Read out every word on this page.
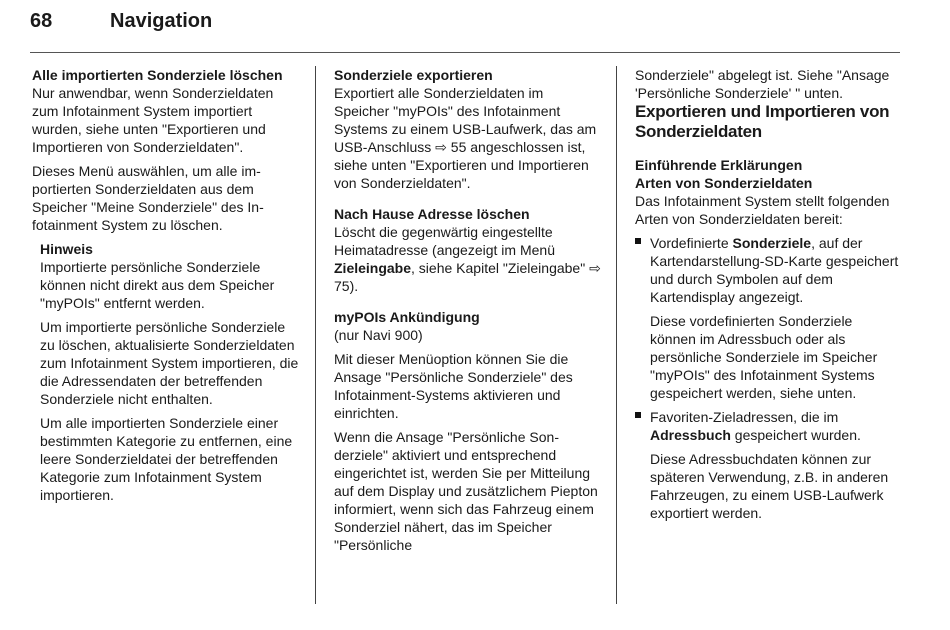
68	Navigation

Alle importierten Sonderziele löschen

Nur anwendbar, wenn Sonderzieldaten zum Infotainment System importiert wurden, siehe unten "Exportieren und Importieren von Sonderzieldaten".

Dieses Menü auswählen, um alle importierten Sonderzieldaten aus dem Speicher "Meine Sonderziele" des Infotainment System zu löschen.

Hinweis

Importierte persönliche Sonderziele können nicht direkt aus dem Speicher "myPOIs" entfernt werden.

Um importierte persönliche Sonderziele zu löschen, aktualisierte Sonderzieldaten zum Infotainment System importieren, die die Adressendaten der betreffenden Sonderziele nicht enthalten.

Um alle importierten Sonderziele einer bestimmten Kategorie zu entfernen, eine leere Sonderzieldatei der betreffenden Kategorie zum Infotainment System importieren.

Sonderziele exportieren

Exportiert alle Sonderzieldaten im Speicher "myPOIs" des Infotainment Systems zu einem USB-Laufwerk, das am USB-Anschluss ⇨ 55 angeschlossen ist, siehe unten "Exportieren und Importieren von Sonderzieldaten".

Nach Hause Adresse löschen

Löscht die gegenwärtig eingestellte Heimatadresse (angezeigt im Menü Zieleingabe, siehe Kapitel "Zieleingabe" ⇨ 75).

myPOIs Ankündigung

(nur Navi 900)

Mit dieser Menüoption können Sie die Ansage "Persönliche Sonderziele" des Infotainment-Systems aktivieren und einrichten.

Wenn die Ansage "Persönliche Sonderziele" aktiviert und entsprechend eingerichtet ist, werden Sie per Mitteilung auf dem Display und zusätzlichem Piepton informiert, wenn sich das Fahrzeug einem Sonderziel nähert, das im Speicher "Persönliche

Sonderziele" abgelegt ist. Siehe "Ansage 'Persönliche Sonderziele' " unten.

Exportieren und Importieren von Sonderzieldaten

Einführende Erklärungen

Arten von Sonderzieldaten

Das Infotainment System stellt folgenden Arten von Sonderzieldaten bereit:

Vordefinierte Sonderziele, auf der Kartendarstellung-SD-Karte gespeichert und durch Symbolen auf dem Kartendisplay angezeigt.

Diese vordefinierten Sonderziele können im Adressbuch oder als persönliche Sonderziele im Speicher "myPOIs" des Infotainment Systems gespeichert werden, siehe unten.

Favoriten-Zieladressen, die im Adressbuch gespeichert wurden.

Diese Adressbuchdaten können zur späteren Verwendung, z.B. in anderen Fahrzeugen, zu einem USB-Laufwerk exportiert werden.
